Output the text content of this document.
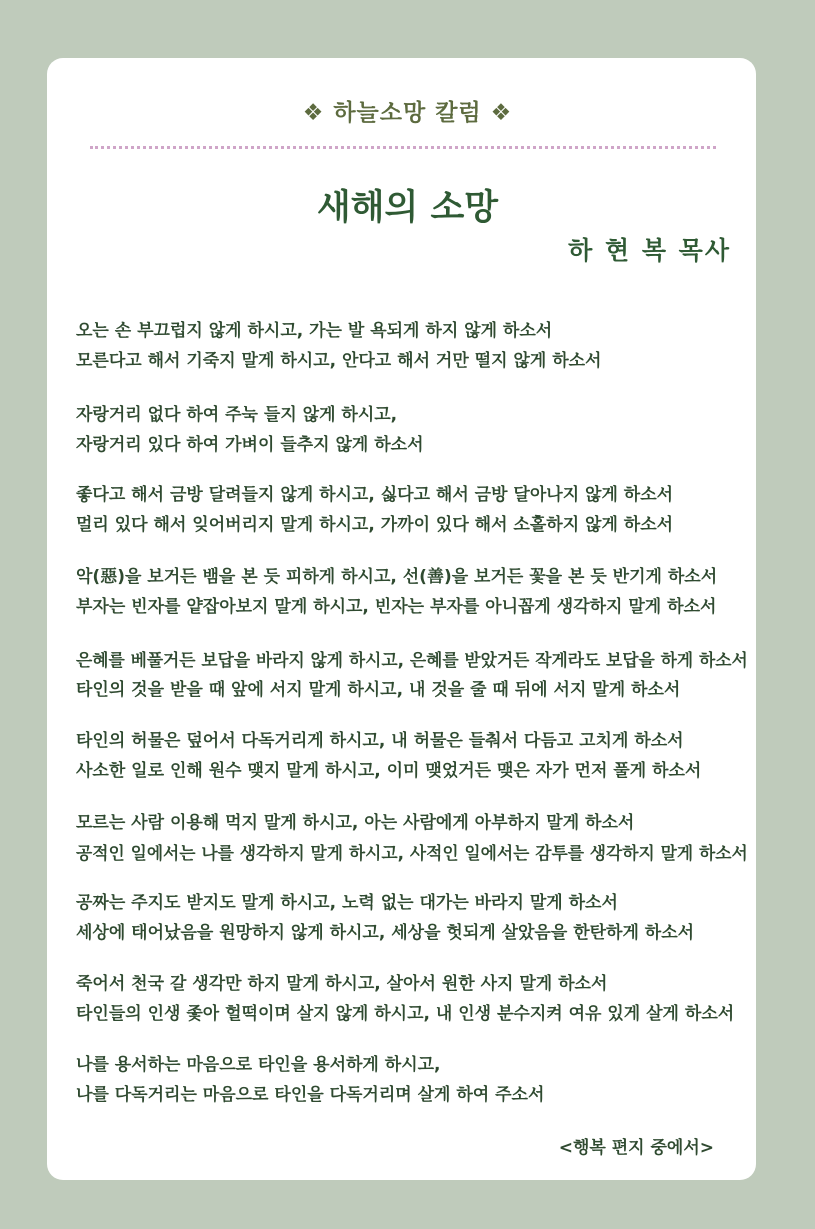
❖ 하늘소망 칼럼 ❖
새해의 소망
하 현 복 목사
오는 손 부끄럽지 않게 하시고, 가는 발 욕되게 하지 않게 하소서
모른다고 해서 기죽지 말게 하시고, 안다고 해서 거만 떨지 않게 하소서
자랑거리 없다 하여 주눅 들지 않게 하시고,
자랑거리 있다 하여 가벼이 들추지 않게 하소서
좋다고 해서 금방 달려들지 않게 하시고, 싫다고 해서 금방 달아나지 않게 하소서
멀리 있다 해서 잊어버리지 말게 하시고, 가까이 있다 해서 소홀하지 않게 하소서
악(惡)을 보거든 뱀을 본 듯 피하게 하시고, 선(善)을 보거든 꽃을 본 듯 반기게 하소서
부자는 빈자를 얕잡아보지 말게 하시고, 빈자는 부자를 아니꼽게 생각하지 말게 하소서
은혜를 베풀거든 보답을 바라지 않게 하시고, 은혜를 받았거든 작게라도 보답을 하게 하소서
타인의 것을 받을 때 앞에 서지 말게 하시고, 내 것을 줄 때 뒤에 서지 말게 하소서
타인의 허물은 덮어서 다독거리게 하시고, 내 허물은 들춰서 다듬고 고치게 하소서
사소한 일로 인해 원수 맺지 말게 하시고, 이미 맺었거든 맺은 자가 먼저 풀게 하소서
모르는 사람 이용해 먹지 말게 하시고, 아는 사람에게 아부하지 말게 하소서
공적인 일에서는 나를 생각하지 말게 하시고, 사적인 일에서는 감투를 생각하지 말게 하소서
공짜는 주지도 받지도 말게 하시고, 노력 없는 대가는 바라지 말게 하소서
세상에 태어났음을 원망하지 않게 하시고, 세상을 헛되게 살았음을 한탄하게 하소서
죽어서 천국 갈 생각만 하지 말게 하시고, 살아서 원한 사지 말게 하소서
타인들의 인생 좇아 헐떡이며 살지 않게 하시고, 내 인생 분수지켜 여유 있게 살게 하소서
나를 용서하는 마음으로 타인을 용서하게 하시고,
나를 다독거리는 마음으로 타인을 다독거리며 살게 하여 주소서
<행복 편지 중에서>
